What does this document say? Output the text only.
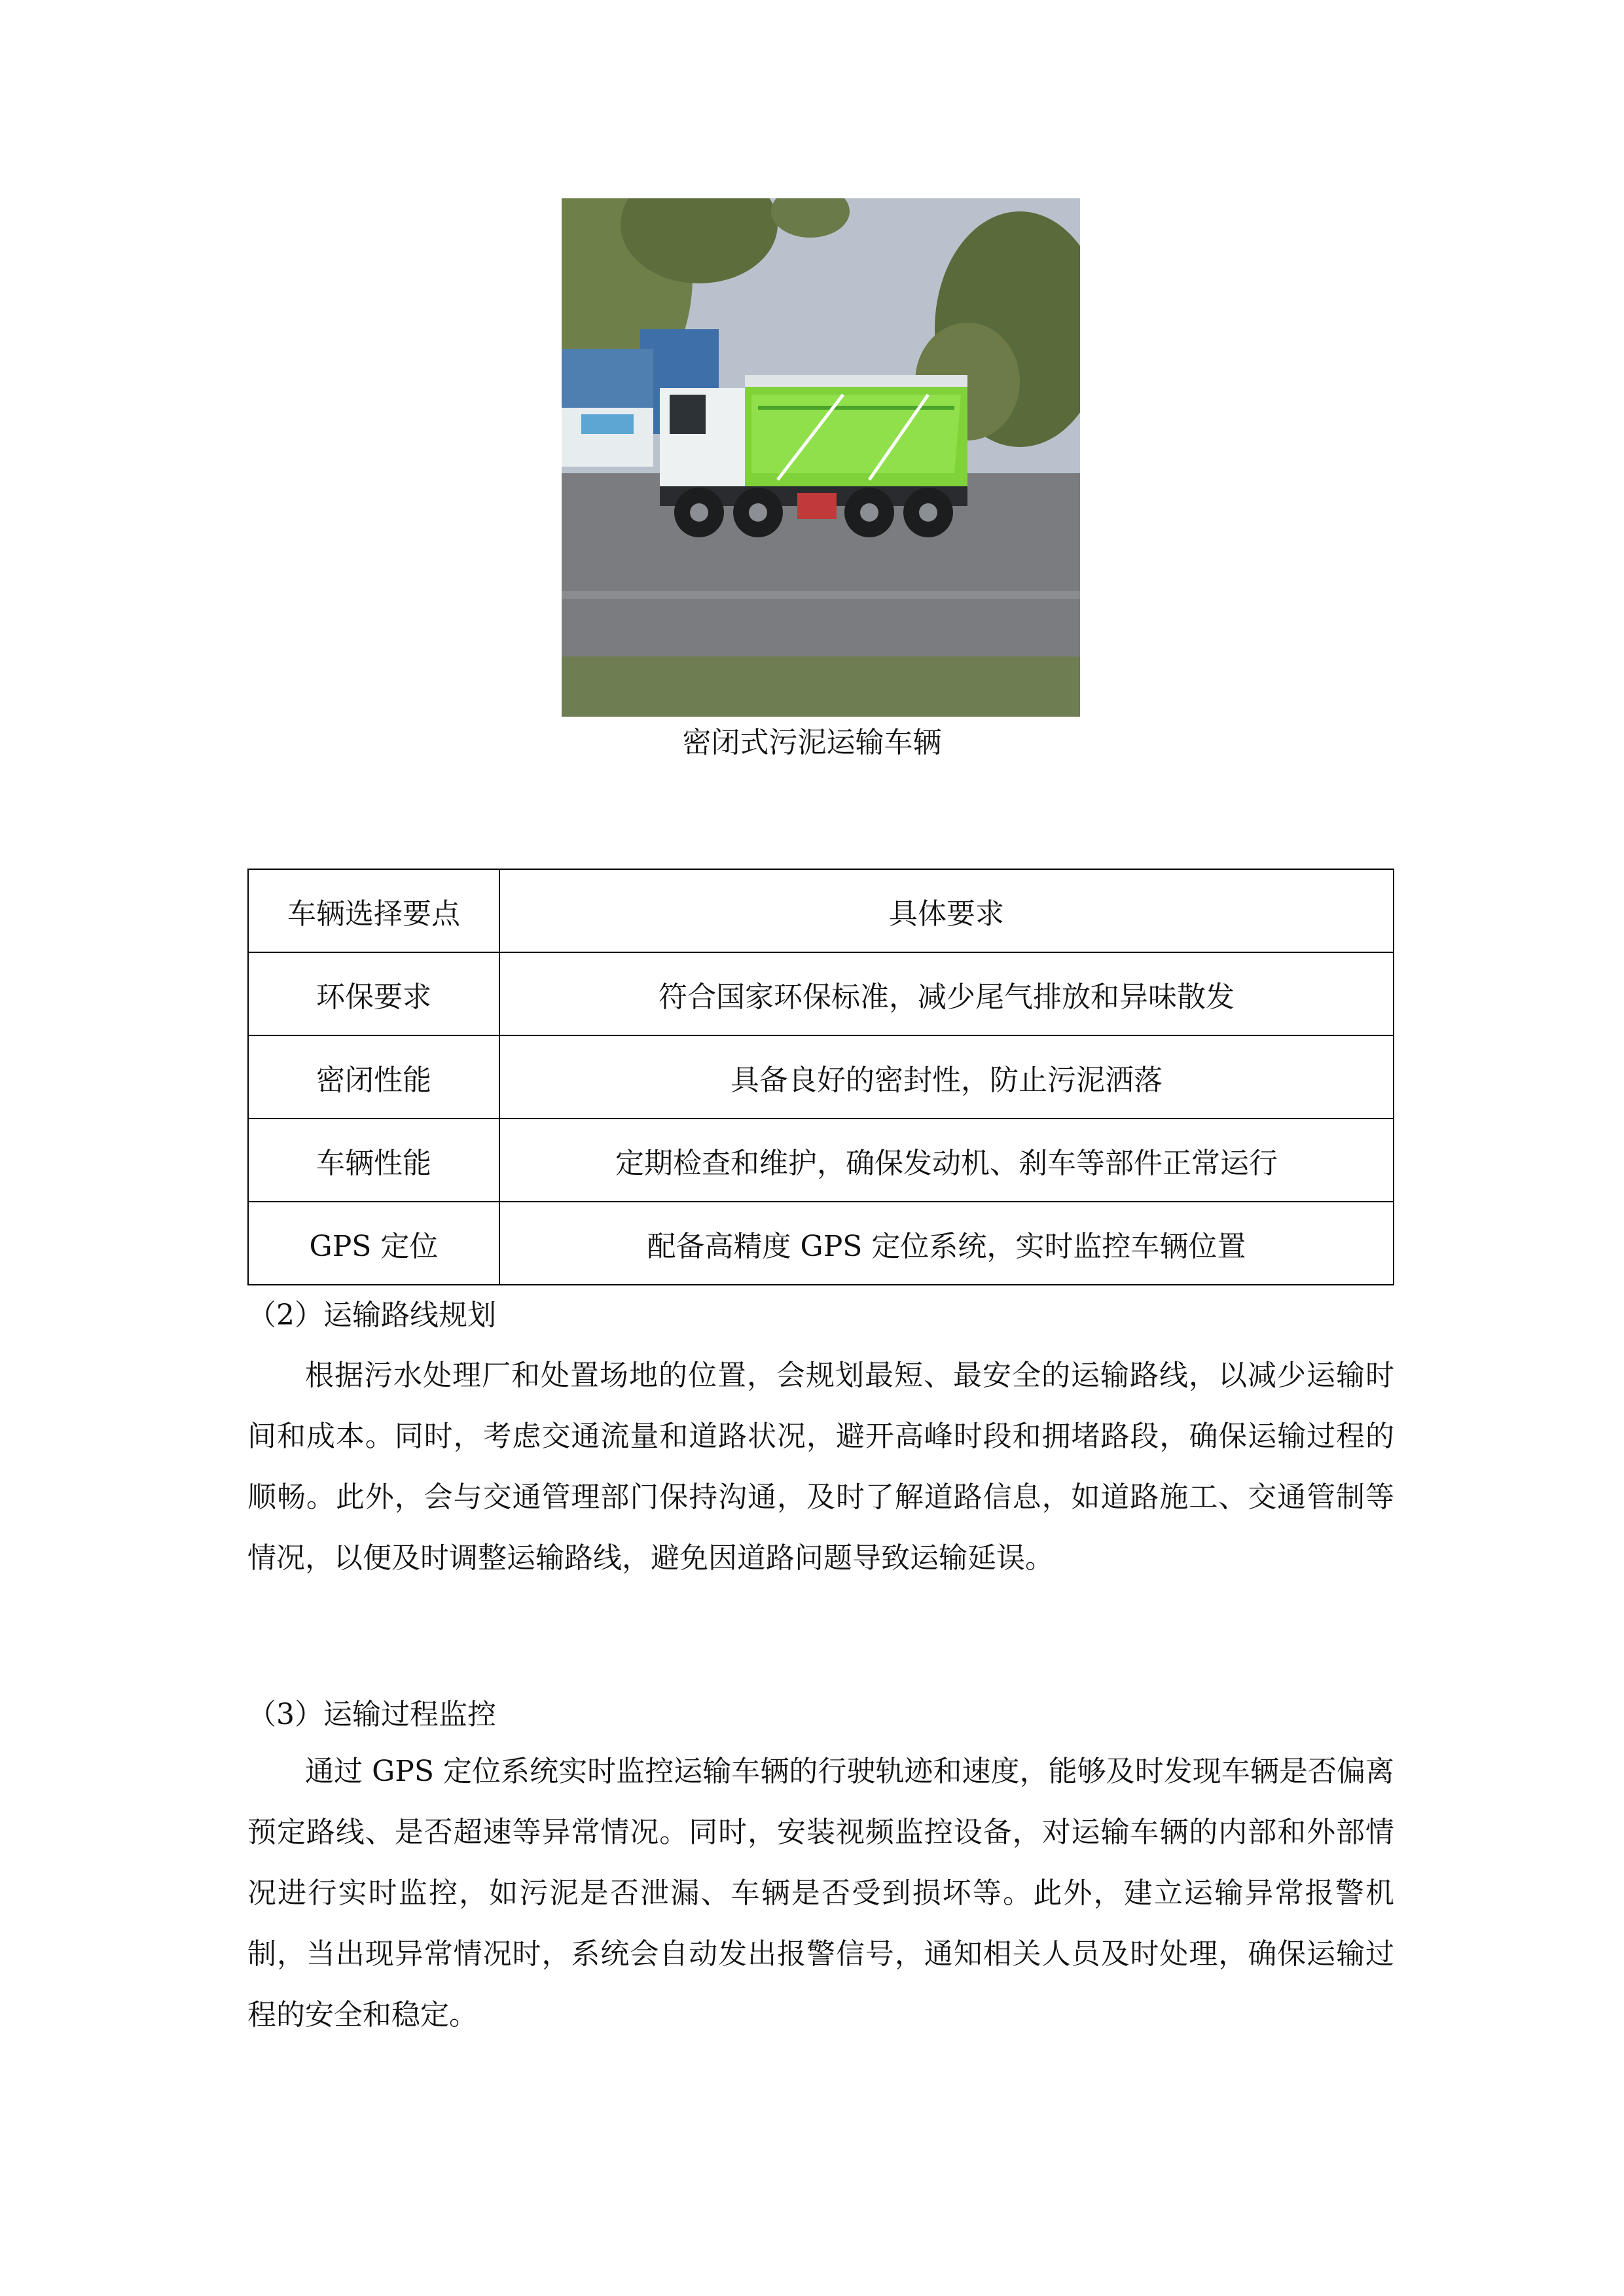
密闭式污泥运输车辆
车辆选择要点	具体要求
环保要求	符合国家环保标准，减少尾气排放和异味散发
密闭性能	具备良好的密封性，防止污泥洒落
车辆性能	定期检查和维护，确保发动机、刹车等部件正常运行
GPS 定位	配备高精度 GPS 定位系统，实时监控车辆位置
（2）运输路线规划

根据污水处理厂和处置场地的位置，会规划最短、最安全的运输路线，以减少运输时间和成本。同时，考虑交通流量和道路状况，避开高峰时段和拥堵路段，确保运输过程的顺畅。此外，会与交通管理部门保持沟通，及时了解道路信息，如道路施工、交通管制等情况，以便及时调整运输路线，避免因道路问题导致运输延误。

（3）运输过程监控

通过 GPS 定位系统实时监控运输车辆的行驶轨迹和速度，能够及时发现车辆是否偏离预定路线、是否超速等异常情况。同时，安装视频监控设备，对运输车辆的内部和外部情况进行实时监控，如污泥是否泄漏、车辆是否受到损坏等。此外，建立运输异常报警机制，当出现异常情况时，系统会自动发出报警信号，通知相关人员及时处理，确保运输过程的安全和稳定。
